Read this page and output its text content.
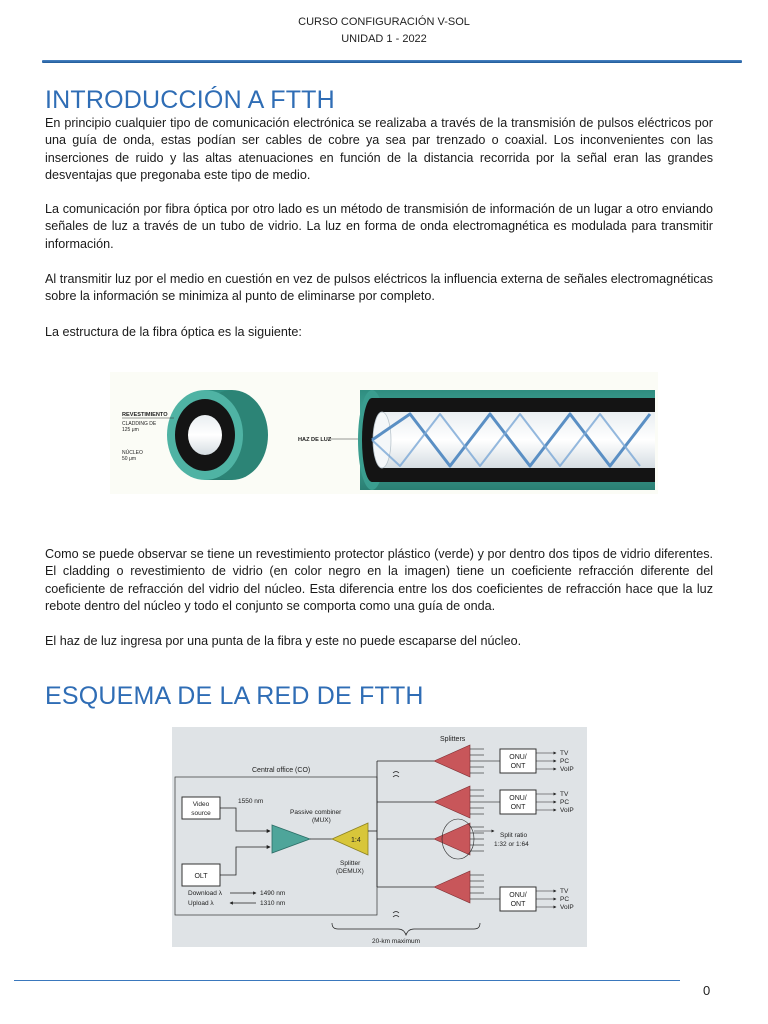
CURSO CONFIGURACIÓN V-SOL
UNIDAD 1 - 2022
INTRODUCCIÓN A FTTH

En principio cualquier tipo de comunicación electrónica se realizaba a través de la transmisión de pulsos eléctricos por una guía de onda, estas podían ser cables de cobre ya sea par trenzado o coaxial. Los inconvenientes con las inserciones de ruido y las altas atenuaciones en función de la distancia recorrida por la señal eran las grandes desventajas que pregonaba este tipo de medio.

La comunicación por fibra óptica por otro lado es un método de transmisión de información de un lugar a otro enviando señales de luz a través de un tubo de vidrio. La luz en forma de onda electromagnética es modulada para transmitir información.

Al transmitir luz por el medio en cuestión en vez de pulsos eléctricos la influencia externa de señales electromagnéticas sobre la información se minimiza al punto de eliminarse por completo.

La estructura de la fibra óptica es la siguiente:

REVESTIMIENTO
CLADDING DE
125 μm
NÚCLEO
50 μm
HAZ DE LUZ

Como se puede observar se tiene un revestimiento protector plástico (verde) y por dentro dos tipos de vidrio diferentes. El cladding o revestimiento de vidrio (en color negro en la imagen) tiene un coeficiente refracción diferente del coeficiente de refracción del vidrio del núcleo. Esta diferencia entre los dos coeficientes de refracción hace que la luz rebote dentro del núcleo y todo el conjunto se comporta como una guía de onda.

El haz de luz ingresa por una punta de la fibra y este no puede escaparse del núcleo.

ESQUEMA DE LA RED DE FTTH
Splitters
Central office (CO)
Video
source
1550 nm
Passive combiner
(MUX)
OLT
1:4
Splitter
(DEMUX)
Download λ	1490 nm
Upload λ	1310 nm
Split ratio
1:32 or 1:64
ONU/
ONT
TV
PC
VoIP
ONU/
ONT
TV
PC
VoIP
ONU/
ONT
TV
PC
VoIP
20-km maximum
0
